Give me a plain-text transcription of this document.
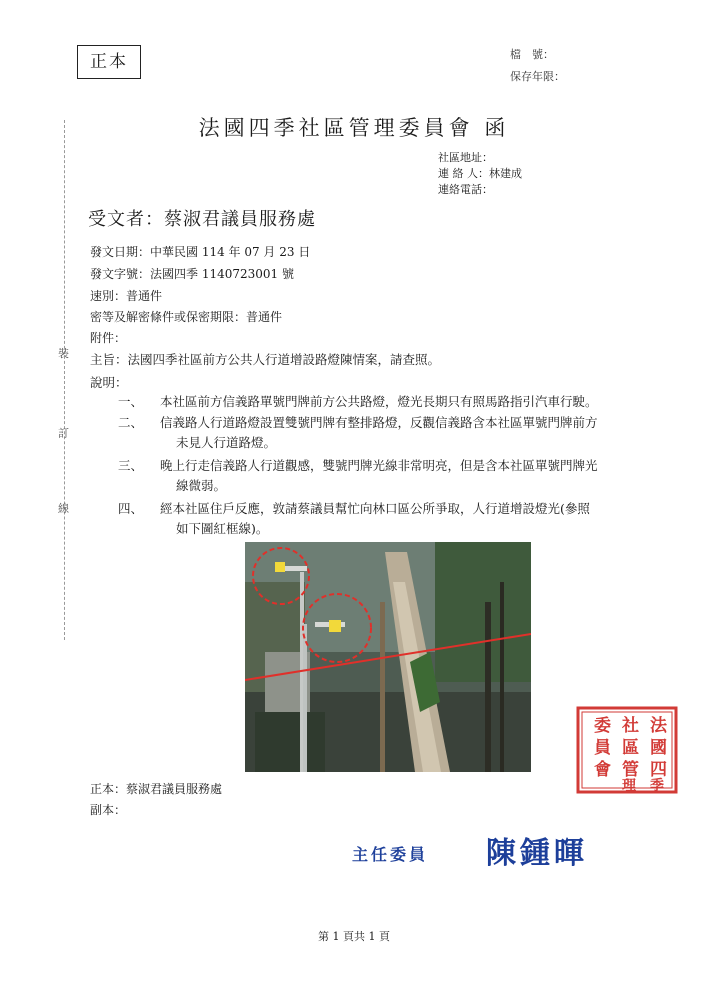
正本	檔　號：
保存年限：
法國四季社區管理委員會 函
社區地址：
連 絡 人：林建成
連絡電話：
受文者：蔡淑君議員服務處
發文日期：中華民國 114 年 07 月 23 日
發文字號：法國四季 1140723001 號
速別：普通件
密等及解密條件或保密期限：普通件
附件：
裝
訂
線
主旨：法國四季社區前方公共人行道增設路燈陳情案，請查照。
說明：
一、 本社區前方信義路單號門牌前方公共路燈，燈光長期只有照馬路指引汽車行駛。
二、 信義路人行道路燈設置雙號門牌有整排路燈，反觀信義路含本社區單號門牌前方
未見人行道路燈。
三、 晚上行走信義路人行道觀感，雙號門牌光線非常明亮，但是含本社區單號門牌光
線微弱。
四、 經本社區住戶反應，敦請蔡議員幫忙向林口區公所爭取，人行道增設燈光(參照
如下圖紅框線)。
法
國
四
季
社
區
管
理
委
員
會
正本：蔡淑君議員服務處
副本：
主任委員 陳鍾暉
第 1 頁共 1 頁
